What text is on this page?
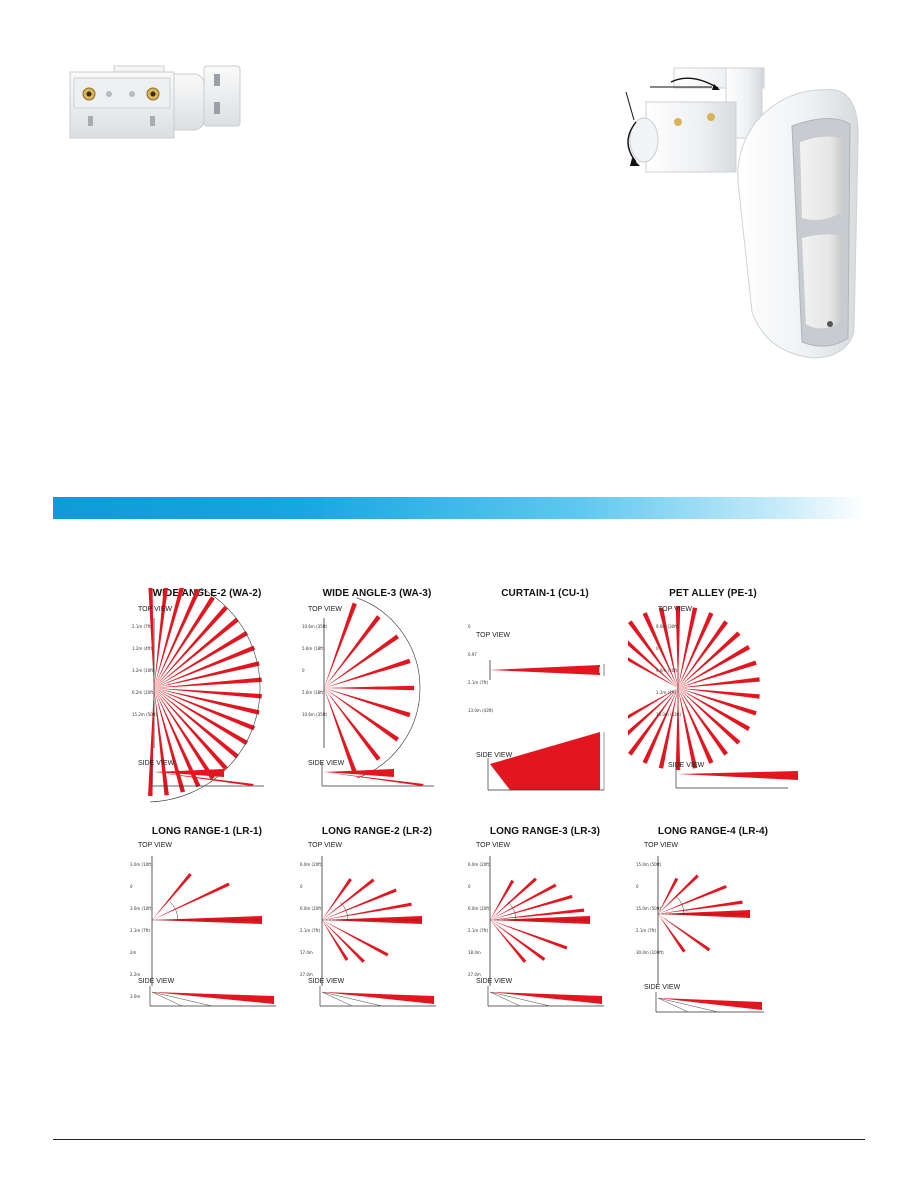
WIDE ANGLE-2 (WA-2)
2.1m (7ft)
1.2m (4ft)
3.2m (10ft)
6.2m (20ft)
15.2m (50ft)
TOP VIEW
SIDE VIEW
WIDE ANGLE-3 (WA-3)
10.6m (35ft)
5.6m (18ft)
0
5.6m (18ft)
10.6m (35ft)
TOP VIEW
SIDE VIEW
CURTAIN-1 (CU-1)
0
0.97
2.1m (7ft)
13.0m (43ft)
TOP VIEW
SIDE VIEW
PET ALLEY (PE-1)
9.0m (30ft)
0
9.0m (30ft)
1.2m (4ft)
13.0m (43ft)
TOP VIEW
SIDE VIEW
LONG RANGE-1 (LR-1)
3.0m (10ft)
0
3.0m (10ft)
2.1m (7ft)
2m
2.2m
3.0m
TOP VIEW
SIDE VIEW
LONG RANGE-2 (LR-2)
6.0m (20ft)
0
6.0m (20ft)
2.1m (7ft)
17.0m
27.0m
TOP VIEW
SIDE VIEW
LONG RANGE-3 (LR-3)
6.0m (20ft)
0
6.0m (20ft)
2.1m (7ft)
18.0m
27.0m
TOP VIEW
SIDE VIEW
LONG RANGE-4 (LR-4)
15.0m (50ft)
0
15.0m (50ft)
2.1m (7ft)
30.0m (100ft)
TOP VIEW
SIDE VIEW
